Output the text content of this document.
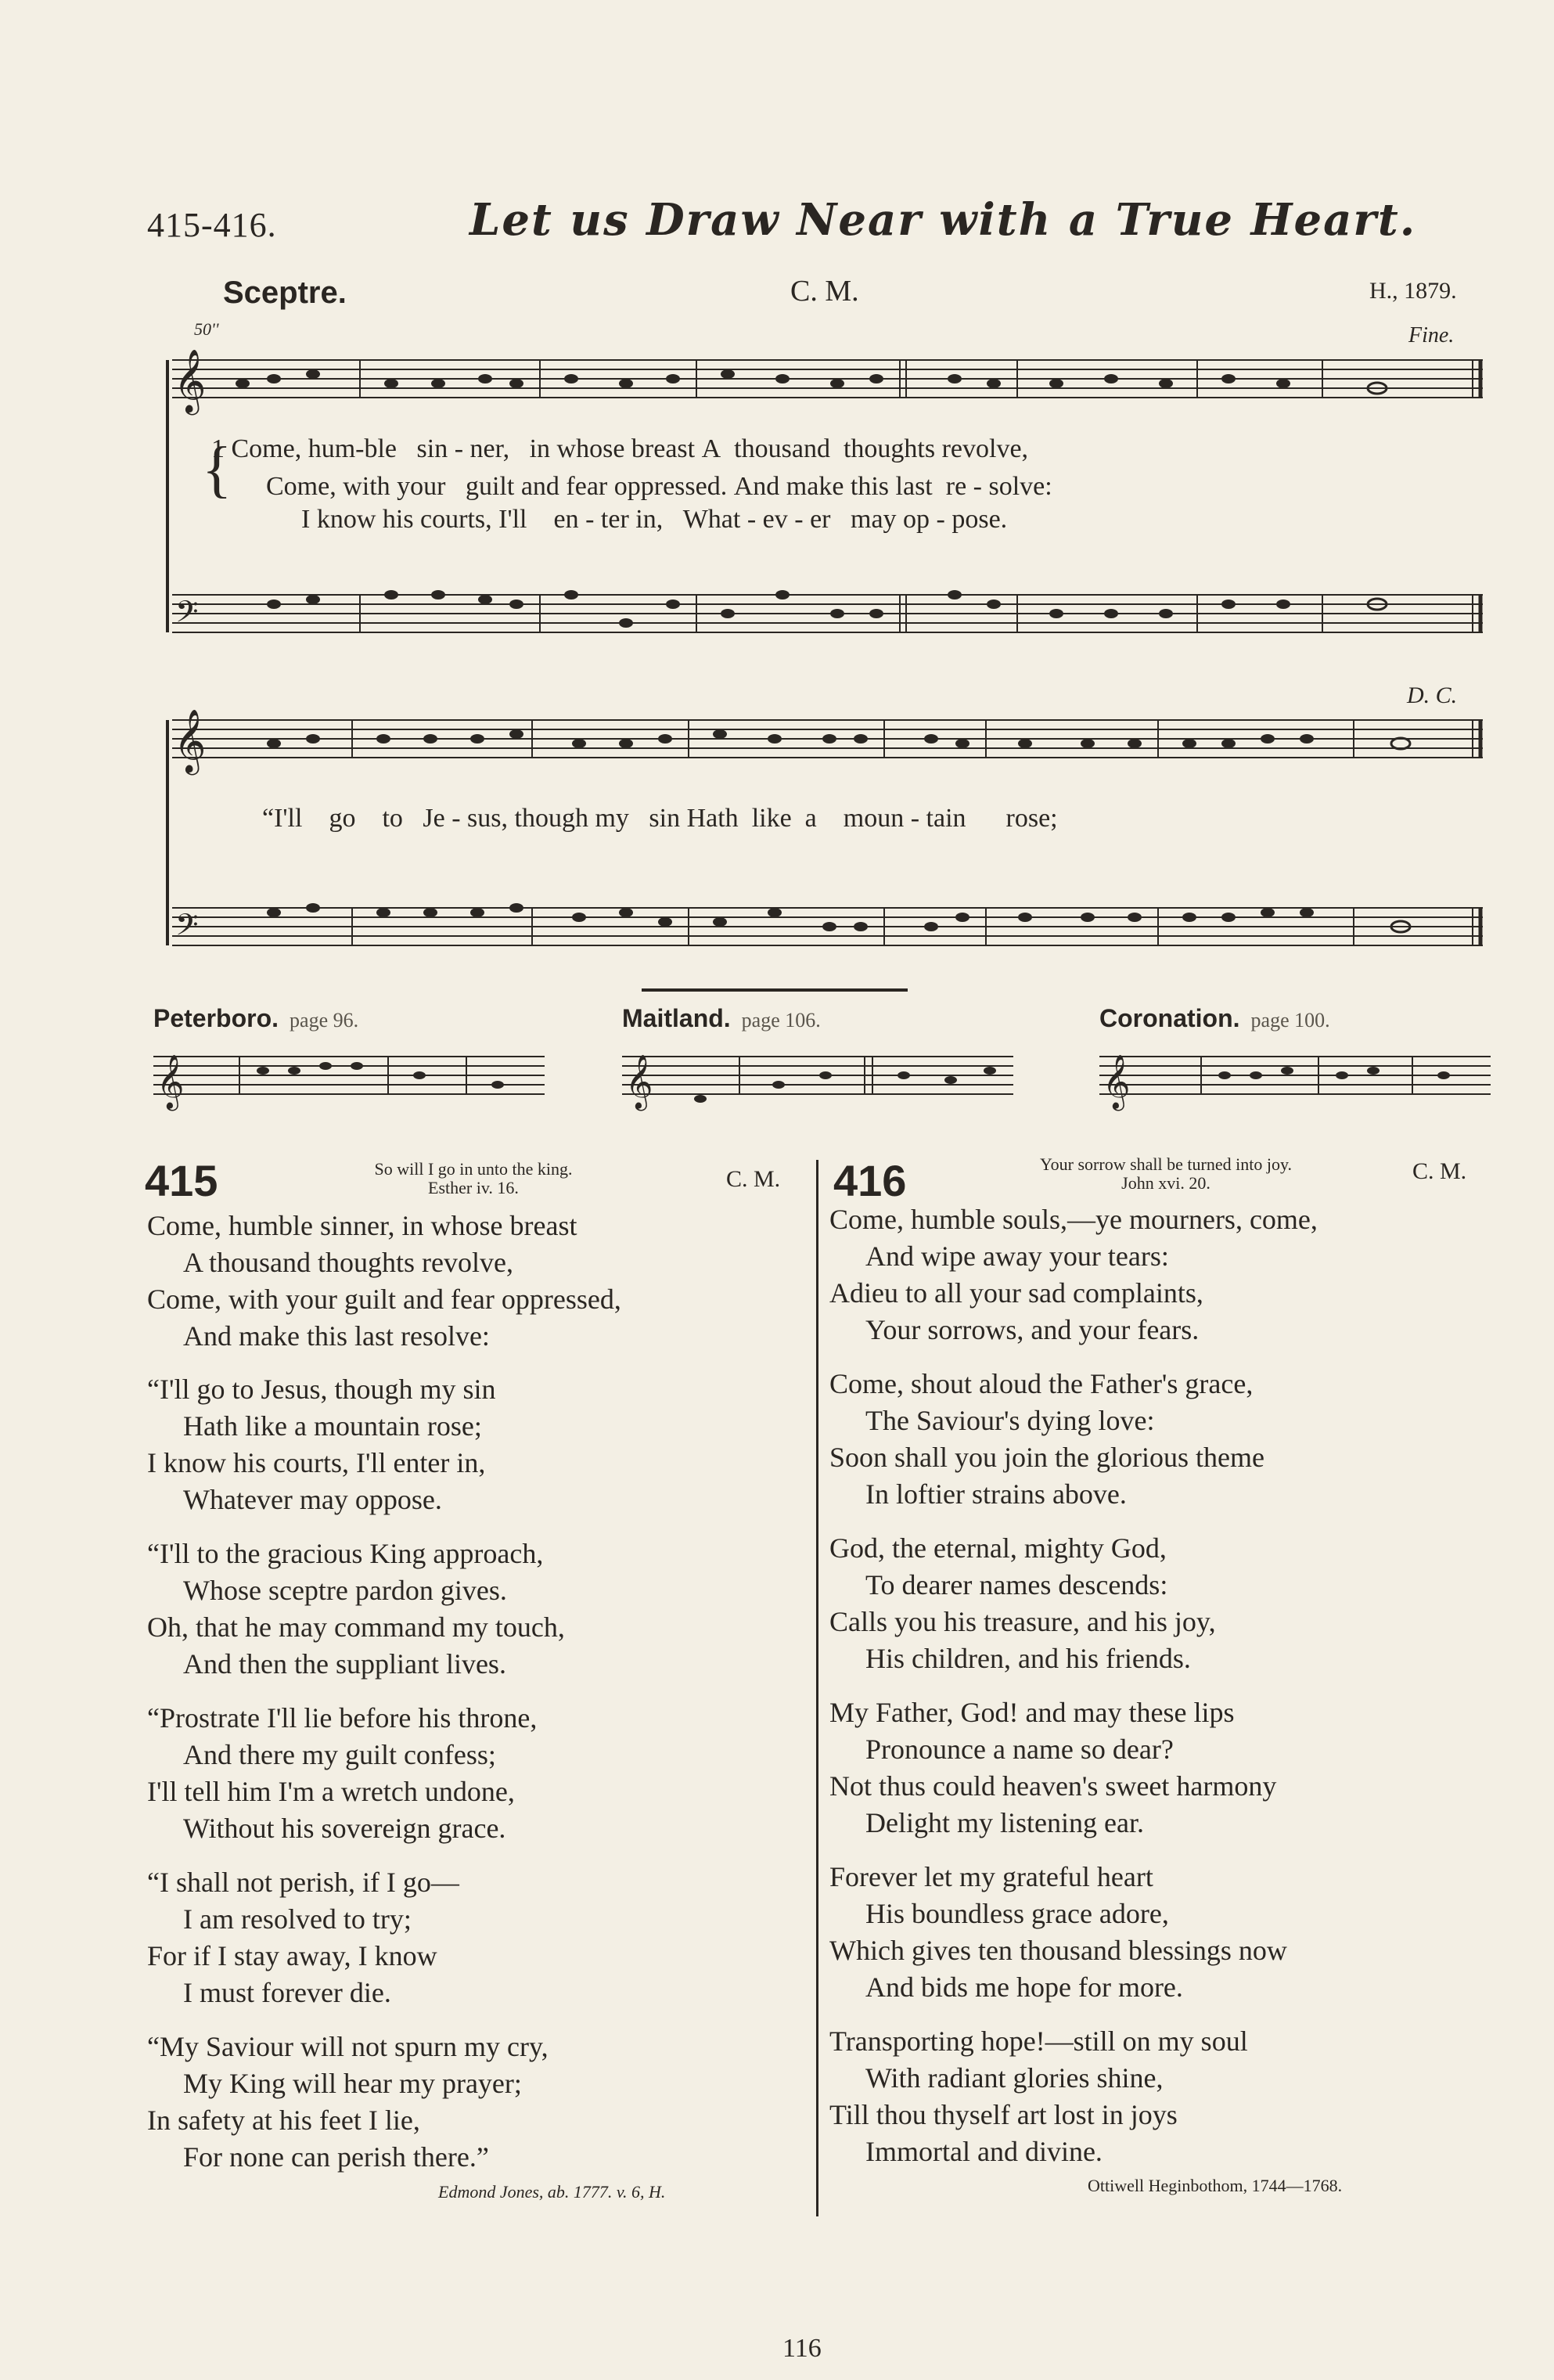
415-416.	Let us Draw Near with a True Heart.
Sceptre.	C. M.	H., 1879.
50''	Fine.
D. C.
𝄞
𝄢
1 Come, hum-ble sin - ner, in whose breast A thousand thoughts revolve,
Come, with your guilt and fear oppressed. And make this last re - solve:
I know his courts, I'll en - ter in, What - ev - er may op - pose.
{
𝄞
𝄢
“I'll go to Je - sus, though my sin Hath like a moun - tain rose;
Peterboro. page 96.	Maitland. page 106.	Coronation. page 100.
𝄞	𝄞	𝄞
415	So will I go in unto the king.
Esther iv. 16.	C. M.
Come, humble sinner, in whose breast
A thousand thoughts revolve,
Come, with your guilt and fear oppressed,
And make this last resolve:
“I'll go to Jesus, though my sin
Hath like a mountain rose;
I know his courts, I'll enter in,
Whatever may oppose.
“I'll to the gracious King approach,
Whose sceptre pardon gives.
Oh, that he may command my touch,
And then the suppliant lives.
“Prostrate I'll lie before his throne,
And there my guilt confess;
I'll tell him I'm a wretch undone,
Without his sovereign grace.
“I shall not perish, if I go—
I am resolved to try;
For if I stay away, I know
I must forever die.
“My Saviour will not spurn my cry,
My King will hear my prayer;
In safety at his feet I lie,
For none can perish there.”
Edmond Jones, ab. 1777. v. 6, H.
416	Your sorrow shall be turned into joy.
John xvi. 20.	C. M.
Come, humble souls,—ye mourners, come,
And wipe away your tears:
Adieu to all your sad complaints,
Your sorrows, and your fears.
Come, shout aloud the Father's grace,
The Saviour's dying love:
Soon shall you join the glorious theme
In loftier strains above.
God, the eternal, mighty God,
To dearer names descends:
Calls you his treasure, and his joy,
His children, and his friends.
My Father, God! and may these lips
Pronounce a name so dear?
Not thus could heaven's sweet harmony
Delight my listening ear.
Forever let my grateful heart
His boundless grace adore,
Which gives ten thousand blessings now
And bids me hope for more.
Transporting hope!—still on my soul
With radiant glories shine,
Till thou thyself art lost in joys
Immortal and divine.
Ottiwell Heginbothom, 1744—1768.
116
